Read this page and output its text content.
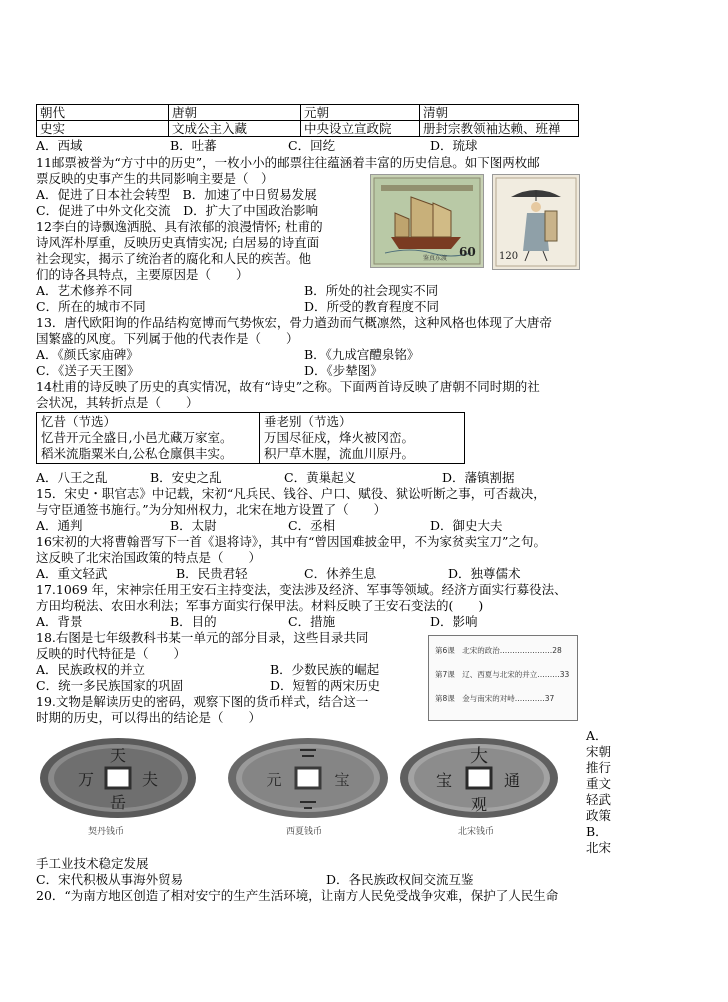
朝代	唐朝	元朝	清朝
史实	文成公主入藏	中央设立宣政院	册封宗教领袖达赖、班禅
A．西域	B．吐蕃	C．回纥	D．琉球
11邮票被誉为“方寸中的历史”，一枚小小的邮票往往蕴涵着丰富的历史信息。如下图两枚邮
票反映的史事产生的共同影响主要是（　）
A．促进了日本社会转型　B．加速了中日贸易发展
C．促进了中外文化交流　D．扩大了中国政治影响
鉴真东渡 60 120
12李白的诗飘逸洒脱、具有浓郁的浪漫情怀; 杜甫的
诗风浑朴厚重，反映历史真情实况; 白居易的诗直面
社会现实，揭示了统治者的腐化和人民的疾苦。他
们的诗各具特点，主要原因是（　　）
A．艺术修养不同	B．所处的社会现实不同
C．所在的城市不同	D．所受的教育程度不同
13．唐代欧阳询的作品结构宽博而气势恢宏，骨力遒劲而气概凛然，这种风格也体现了大唐帝
国繁盛的风度。下列属于他的代表作是（　　）
A．《颜氏家庙碑》	B．《九成宫醴泉铭》
C．《送子天王图》	D．《步辇图》
14杜甫的诗反映了历史的真实情况，故有“诗史”之称。下面两首诗反映了唐朝不同时期的社
会状况，其转折点是（　　）
忆昔（节选）
忆昔开元全盛日,小邑尤藏万家室。
稻米流脂粟米白,公私仓廪俱丰实。

垂老别（节选）
万国尽征戍，烽火被冈峦。
积尸草木腥，流血川原丹。
A．八王之乱	B．安史之乱	C．黄巢起义	D．藩镇割据
15．宋史・职官志》中记载，宋初“凡兵民、钱谷、户口、赋役、狱讼听断之事，可否裁决，
与守臣通签书施行。”为分知州权力，北宋在地方设置了（　　）
A．通判	B．太尉	C．丞相	D．御史大夫
16宋初的大将曹翰晋写下一首《退将诗》，其中有“曾因国难披金甲，不为家贫卖宝刀”之句。
这反映了北宋治国政策的特点是（　　）
A．重文轻武	B．民贵君轻	C．休养生息	D．独尊儒术
17.1069 年，宋神宗任用王安石主持变法，变法涉及经济、军事等领域。经济方面实行募役法、
方田均税法、农田水利法；军事方面实行保甲法。材料反映了王安石变法的(　　)
A．背景	B．目的	C．措施	D．影响
18.右图是七年级教科书某一单元的部分目录，这些目录共同
反映的时代特征是（　　）
A．民族政权的并立	B．少数民族的崛起
C．统一多民族国家的巩固	D．短暂的两宋历史
第6课　北宋的政治…………………28
第7课　辽、西夏与北宋的并立………33
第8课　金与南宋的对峙…………37
19.文物是解读历史的密码，观察下图的货币样式，结合这一
时期的历史，可以得出的结论是（　　）
天
夫
万
岳
契丹钱币
元	宝
西夏钱币
大
通
宝
观
北宋钱币
A．
宋朝
推行
重文
轻武
政策
B．
北宋
手工业技术稳定发展
C．宋代积极从事海外贸易	D．各民族政权间交流互鉴
20．“为南方地区创造了相对安宁的生产生活环境，让南方人民免受战争灾难，保护了人民生命
